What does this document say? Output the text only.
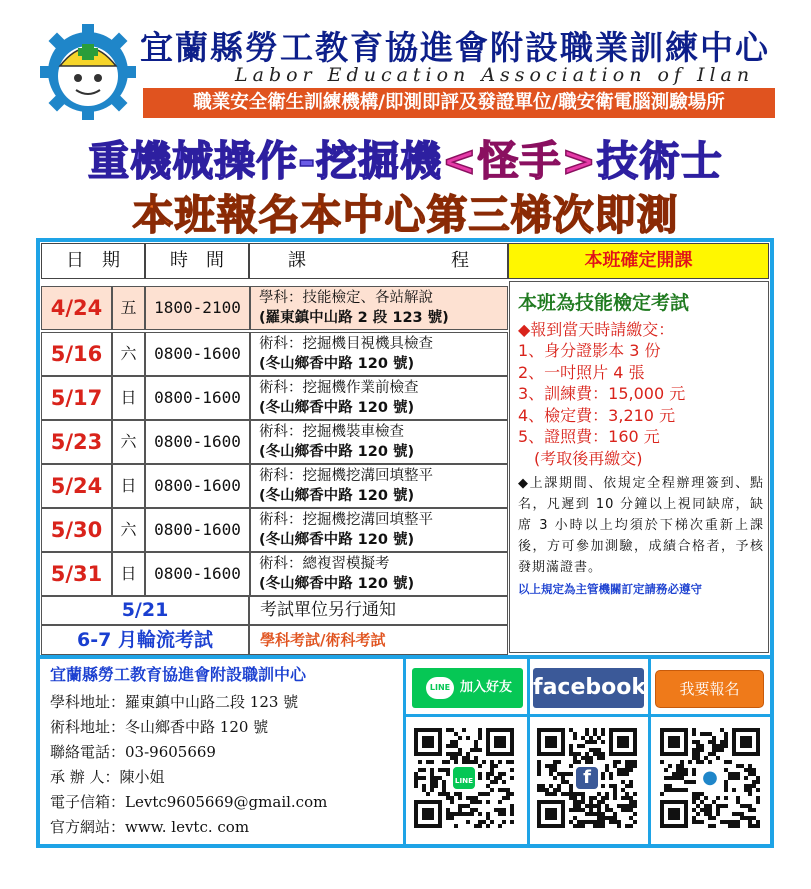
宜蘭縣勞工教育協進會附設職業訓練中心
Labor Education Association of Ilan
職業安全衛生訓練機構/即測即評及發證單位/職安衛電腦測驗場所
重機械操作-挖掘機<怪手>技術士
本班報名本中心第三梯次即測
日　期	時　間	課	程	本班確定開課
4/24	五	1800-2100	學科：技能檢定、各站解說
(羅東鎮中山路 2 段 123 號)
5/16	六	0800-1600	術科：挖掘機目視機具檢查
(冬山鄉香中路 120 號)
5/17	日	0800-1600	術科：挖掘機作業前檢查
(冬山鄉香中路 120 號)
5/23	六	0800-1600	術科：挖掘機裝車檢查
(冬山鄉香中路 120 號)
5/24	日	0800-1600	術科：挖掘機挖溝回填整平
(冬山鄉香中路 120 號)
5/30	六	0800-1600	術科：挖掘機挖溝回填整平
(冬山鄉香中路 120 號)
5/31	日	0800-1600	術科：總複習模擬考
(冬山鄉香中路 120 號)
5/21	考試單位另行通知
6-7 月輪流考試	學科考試/術科考試
本班為技能檢定考試
◆報到當天時請繳交：
1、身分證影本 3 份
2、一吋照片 4 張
3、訓練費：15,000 元
4、檢定費：3,210 元
5、證照費：160 元
　(考取後再繳交)
◆上課期間、依規定全程辦理簽到、點名，凡遲到 10 分鐘以上視同缺席，缺席 3 小時以上均須於下梯次重新上課後，方可參加測驗，成績合格者，予核發期滿證書。
以上規定為主管機關訂定請務必遵守
宜蘭縣勞工教育協進會附設職訓中心
學科地址：羅東鎮中山路二段 123 號
術科地址：冬山鄉香中路 120 號
聯絡電話：03-9605669
承 辦 人：陳小姐
電子信箱：Levtc9605669@gmail.com
官方網站：www. levtc. com
LINE 加入好友 facebook	我要報名
LINE	f	●
